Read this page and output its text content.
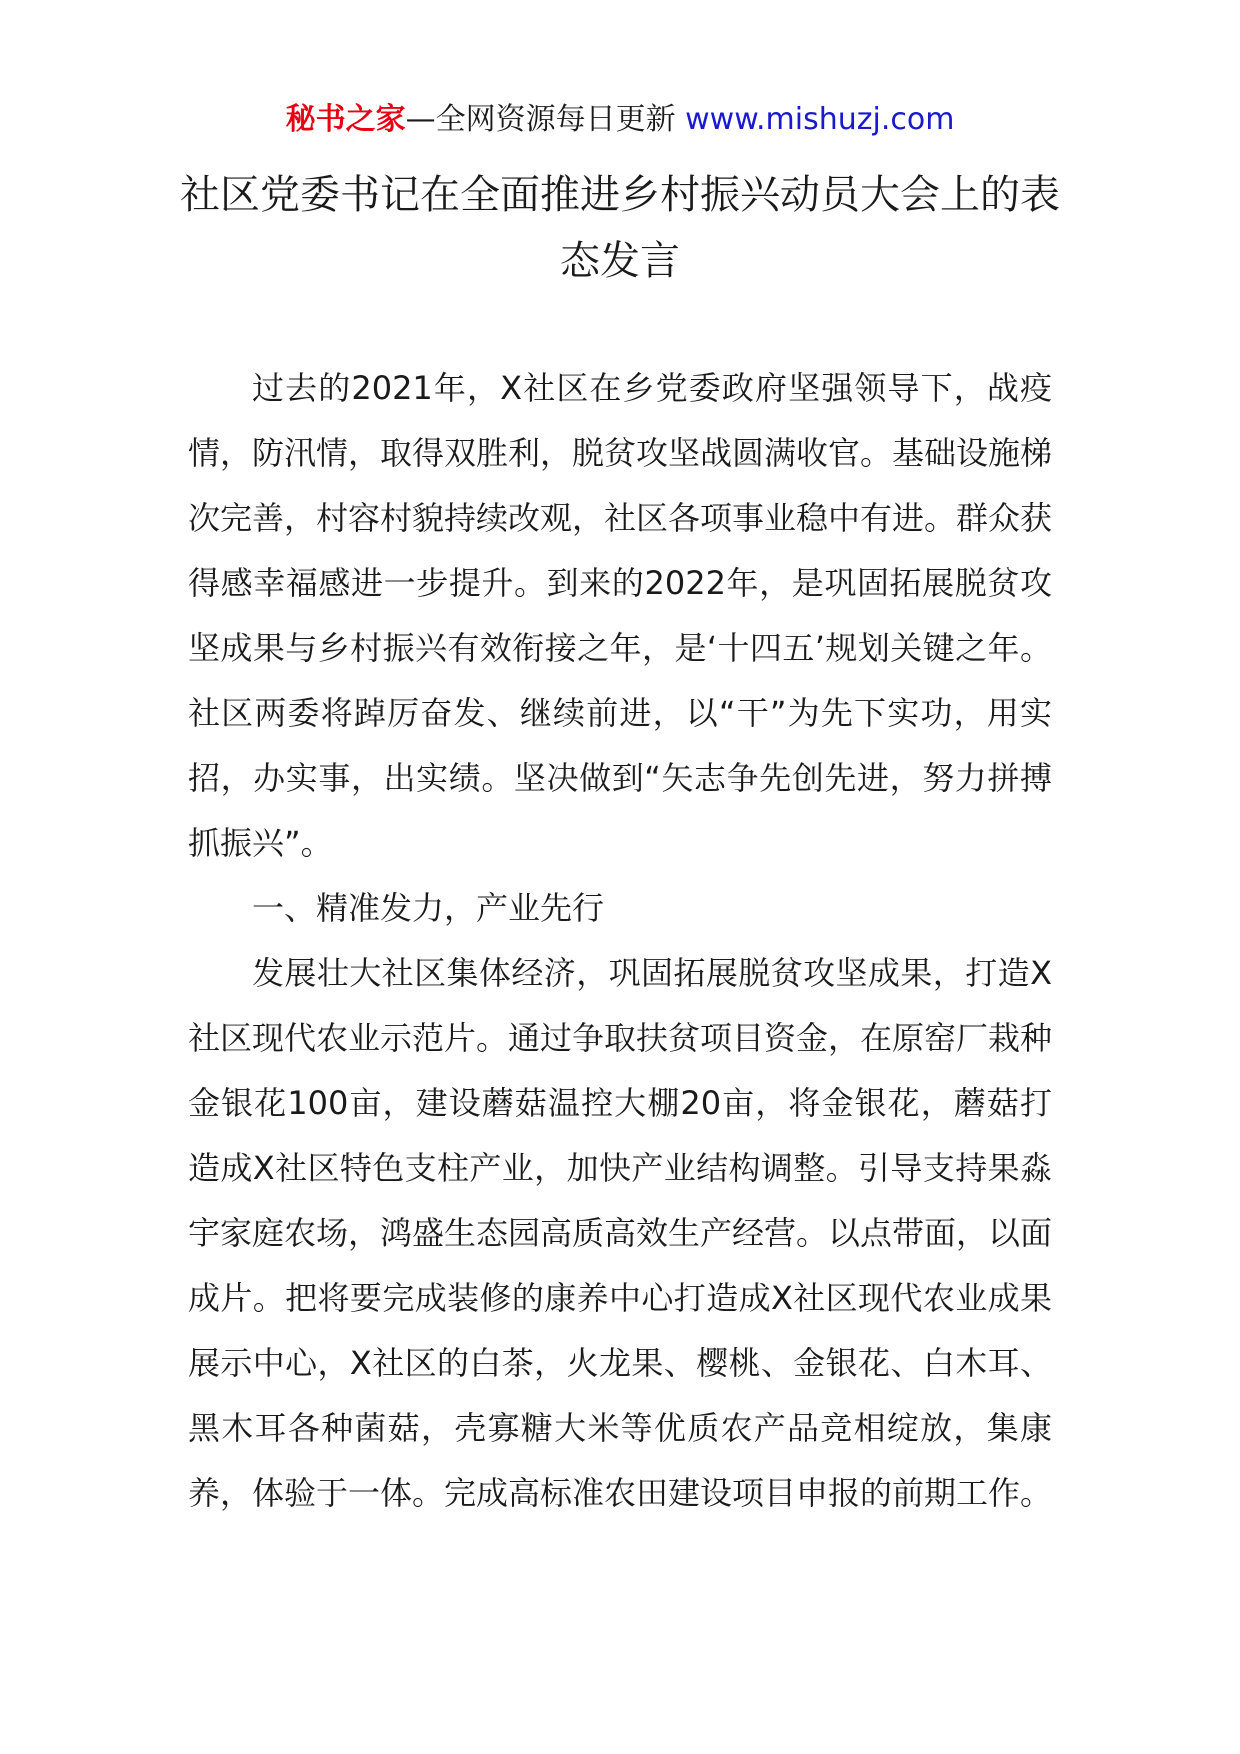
秘书之家—全网资源每日更新 www.mishuzj.com
社区党委书记在全面推进乡村振兴动员大会上的表态发言

过去的2021年，X社区在乡党委政府坚强领导下，战疫情，防汛情，取得双胜利，脱贫攻坚战圆满收官。基础设施梯次完善，村容村貌持续改观，社区各项事业稳中有进。群众获得感幸福感进一步提升。到来的2022年，是巩固拓展脱贫攻坚成果与乡村振兴有效衔接之年，是‘十四五’规划关键之年。社区两委将踔厉奋发、继续前进，以“干”为先下实功，用实招，办实事，出实绩。坚决做到“矢志争先创先进，努力拼搏抓振兴”。

一、精准发力，产业先行

发展壮大社区集体经济，巩固拓展脱贫攻坚成果，打造X社区现代农业示范片。通过争取扶贫项目资金，在原窑厂栽种金银花100亩，建设蘑菇温控大棚20亩，将金银花，蘑菇打造成X社区特色支柱产业，加快产业结构调整。引导支持果淼宇家庭农场，鸿盛生态园高质高效生产经营。以点带面，以面成片。把将要完成装修的康养中心打造成X社区现代农业成果展示中心，X社区的白茶，火龙果、樱桃、金银花、白木耳、黑木耳各种菌菇，壳寡糖大米等优质农产品竞相绽放，集康养，体验于一体。完成高标准农田建设项目申报的前期工作。
